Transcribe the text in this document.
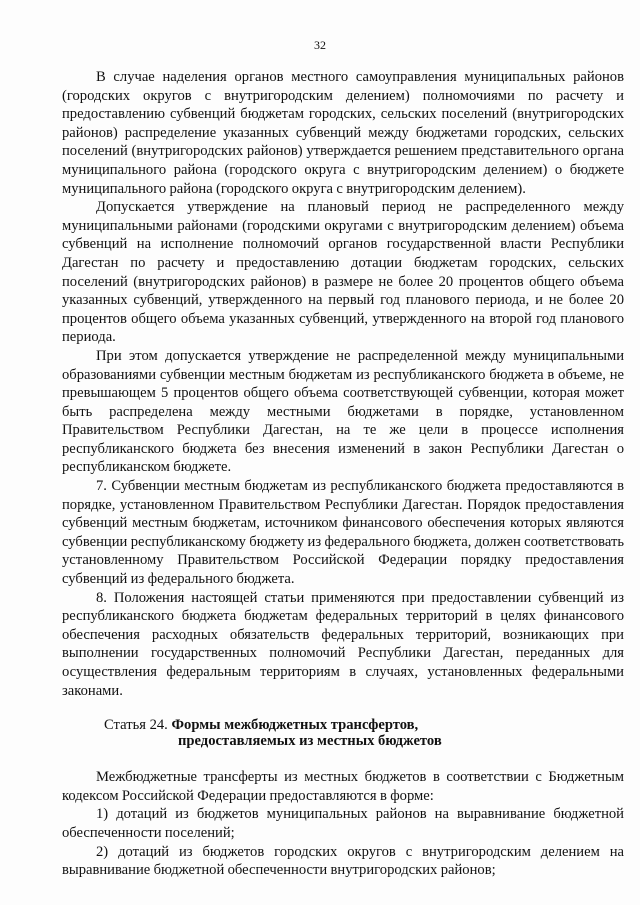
32

В случае наделения органов местного самоуправления муниципальных районов (городских округов с внутригородским делением) полномочиями по расчету и предоставлению субвенций бюджетам городских, сельских поселений (внутригородских районов) распределение указанных субвенций между бюджетами городских, сельских поселений (внутригородских районов) утверждается решением представительного органа муниципального района (городского округа с внутригородским делением) о бюджете муниципального района (городского округа с внутригородским делением).

Допускается утверждение на плановый период не распределенного между муниципальными районами (городскими округами с внутригородским делением) объема субвенций на исполнение полномочий органов государственной власти Республики Дагестан по расчету и предоставлению дотации бюджетам городских, сельских поселений (внутригородских районов) в размере не более 20 процентов общего объема указанных субвенций, утвержденного на первый год планового периода, и не более 20 процентов общего объема указанных субвенций, утвержденного на второй год планового периода.

При этом допускается утверждение не распределенной между муниципальными образованиями субвенции местным бюджетам из республиканского бюджета в объеме, не превышающем 5 процентов общего объема соответствующей субвенции, которая может быть распределена между местными бюджетами в порядке, установленном Правительством Республики Дагестан, на те же цели в процессе исполнения республиканского бюджета без внесения изменений в закон Республики Дагестан о республиканском бюджете.

7. Субвенции местным бюджетам из республиканского бюджета предоставляются в порядке, установленном Правительством Республики Дагестан. Порядок предоставления субвенций местным бюджетам, источником финансового обеспечения которых являются субвенции республиканскому бюджету из федерального бюджета, должен соответствовать установленному Правительством Российской Федерации порядку предоставления субвенций из федерального бюджета.

8. Положения настоящей статьи применяются при предоставлении субвенций из республиканского бюджета бюджетам федеральных территорий в целях финансового обеспечения расходных обязательств федеральных территорий, возникающих при выполнении государственных полномочий Республики Дагестан, переданных для осуществления федеральным территориям в случаях, установленных федеральными законами.

Статья 24. Формы межбюджетных трансфертов,
предоставляемых из местных бюджетов

Межбюджетные трансферты из местных бюджетов в соответствии с Бюджетным кодексом Российской Федерации предоставляются в форме:

1) дотаций из бюджетов муниципальных районов на выравнивание бюджетной обеспеченности поселений;

2) дотаций из бюджетов городских округов с внутригородским делением на выравнивание бюджетной обеспеченности внутригородских районов;
